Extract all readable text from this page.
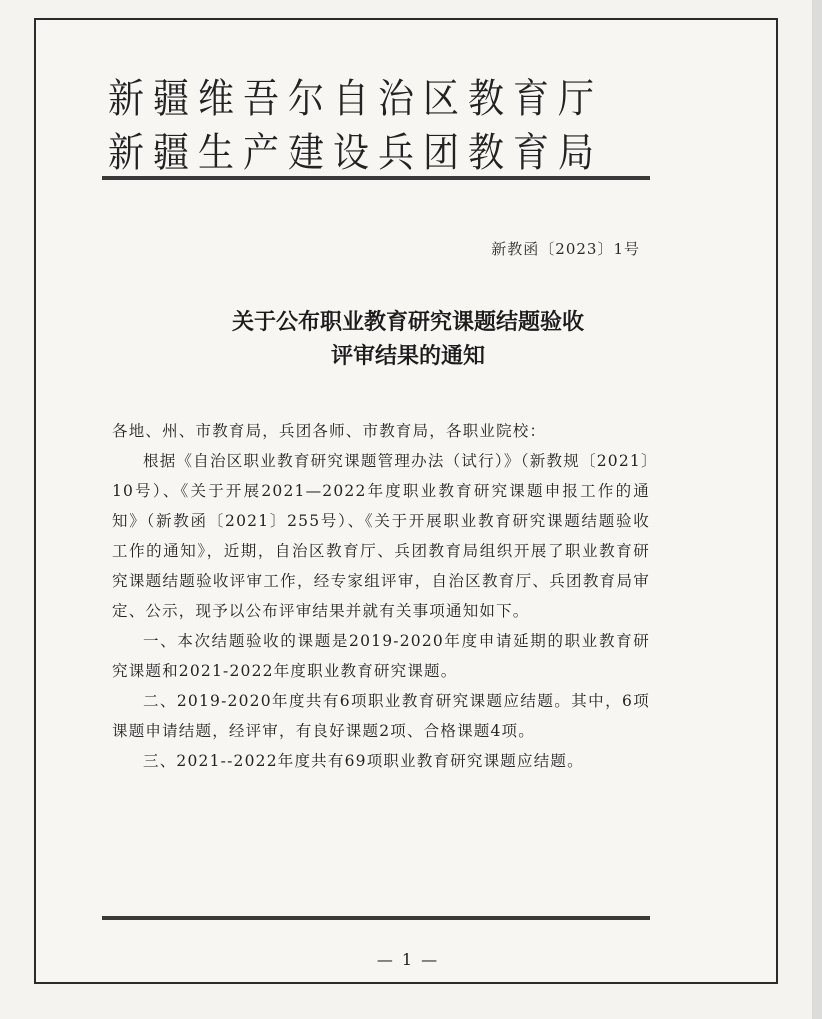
新疆维吾尔自治区教育厅
新疆生产建设兵团教育局
新教函〔2023〕1号
关于公布职业教育研究课题结题验收
评审结果的通知

各地、州、市教育局，兵团各师、市教育局，各职业院校：

根据《自治区职业教育研究课题管理办法（试行）》（新教规〔2021〕10号）、《关于开展2021—2022年度职业教育研究课题申报工作的通知》（新教函〔2021〕255号）、《关于开展职业教育研究课题结题验收工作的通知》，近期，自治区教育厅、兵团教育局组织开展了职业教育研究课题结题验收评审工作，经专家组评审，自治区教育厅、兵团教育局审定、公示，现予以公布评审结果并就有关事项通知如下。

一、本次结题验收的课题是2019-2020年度申请延期的职业教育研究课题和2021-2022年度职业教育研究课题。

二、2019-2020年度共有6项职业教育研究课题应结题。其中，6项课题申请结题，经评审，有良好课题2项、合格课题4项。

三、2021--2022年度共有69项职业教育研究课题应结题。

— 1 —
